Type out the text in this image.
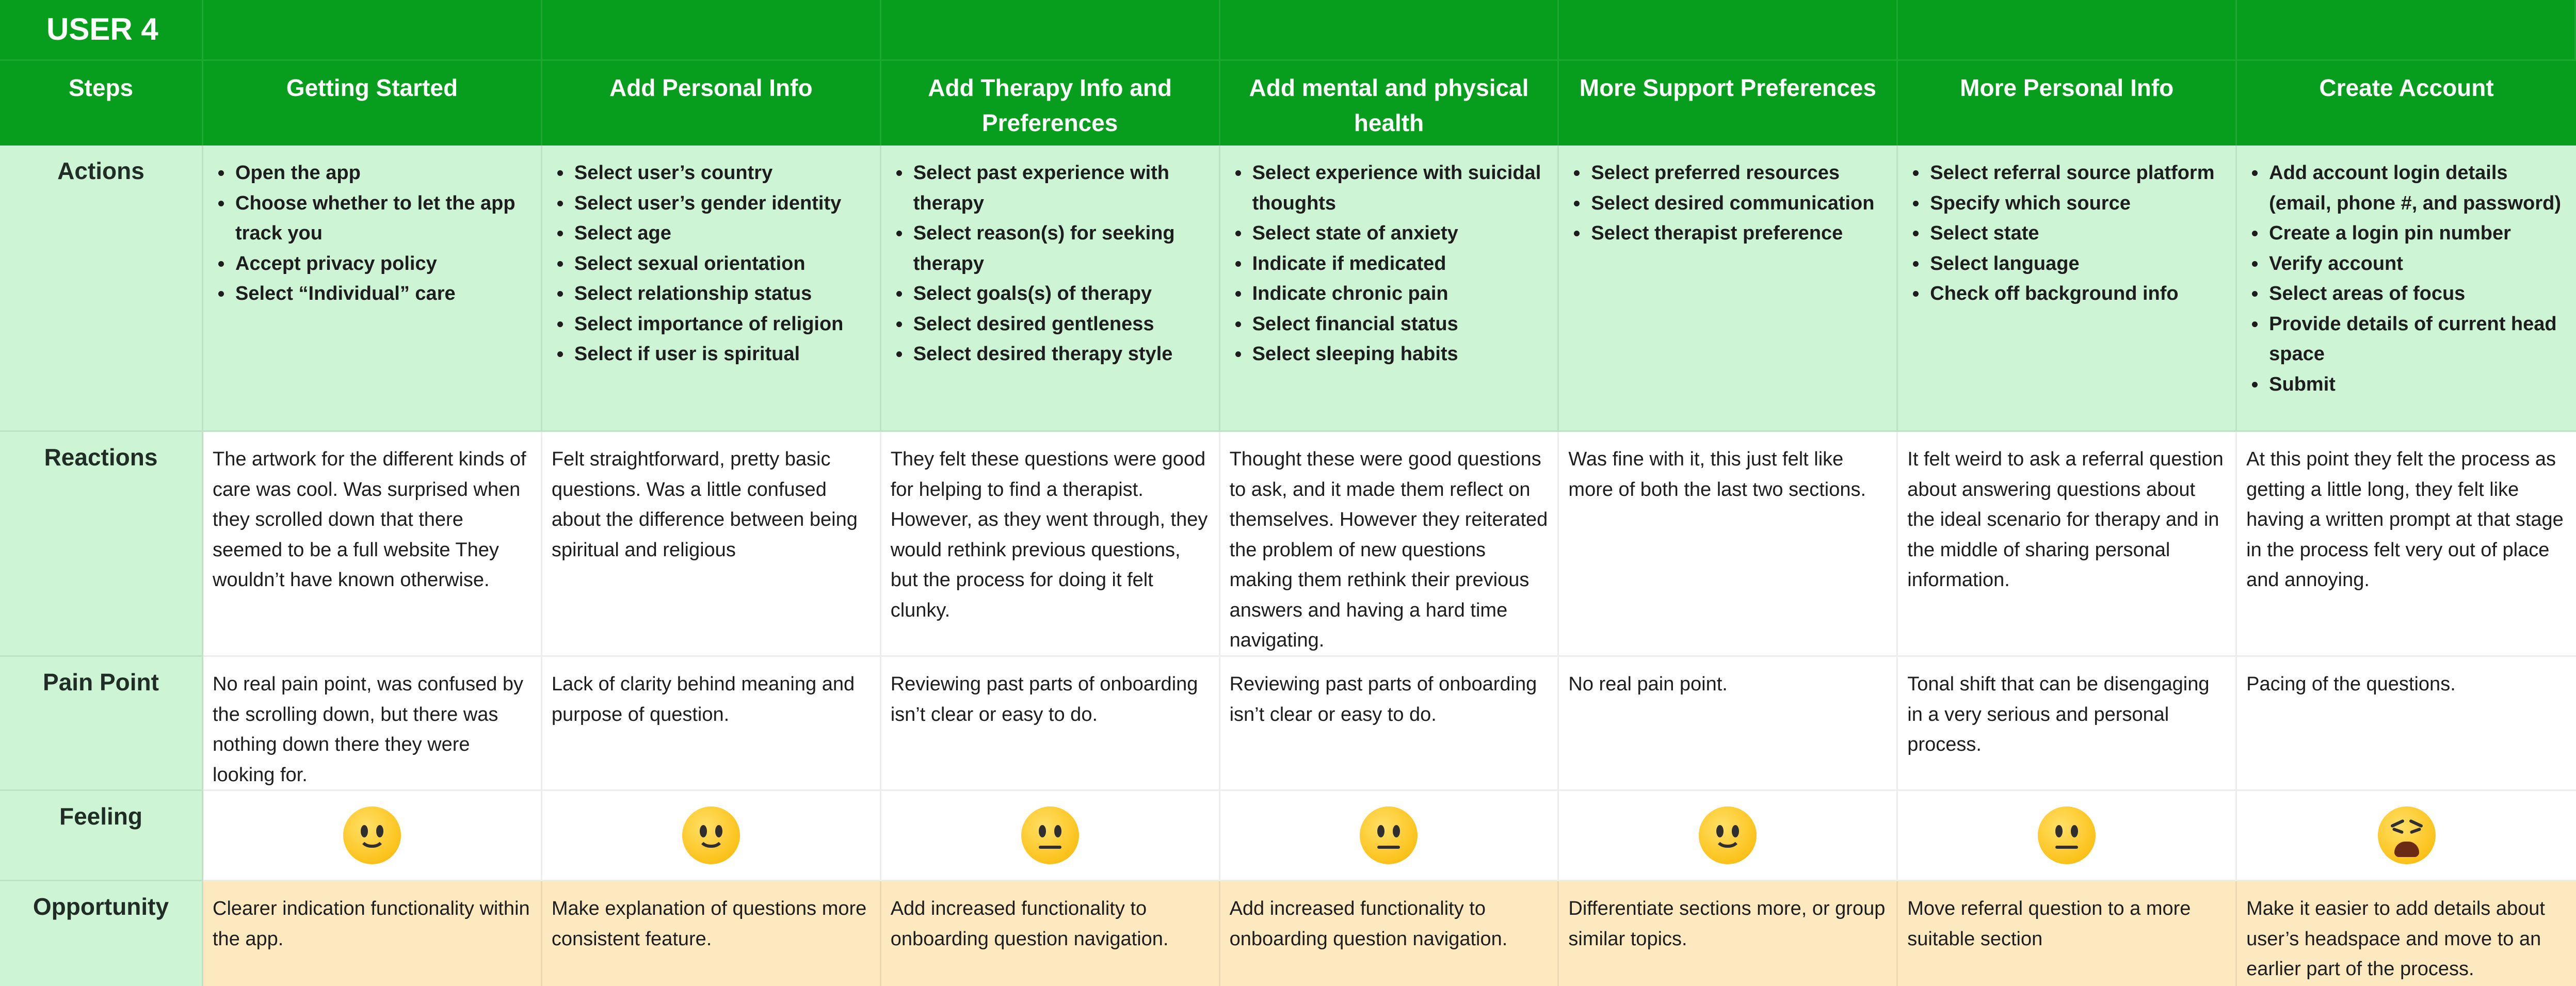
USER 4
Steps	Getting Started	Add Personal Info	Add Therapy Info and Preferences
Add mental and physical health
More Support Preferences	More Personal Info	Create Account
Actions
•	Open the app
• Choose whether to let the app track you
• Accept privacy policy
• Select “Individual” care
• Select user’s country
• Select user’s gender identity
• Select age
• Select sexual orientation
• Select relationship status
• Select importance of religion
• Select if user is spiritual
• Select past experience with therapy
• Select reason(s) for seeking therapy
• Select goals(s) of therapy
• Select desired gentleness
• Select desired therapy style
• Select experience with suicidal thoughts
• Select state of anxiety
• Indicate if medicated
• Indicate chronic pain
• Select financial status
• Select sleeping habits
• Select preferred resources
• Select desired communication
• Select therapist preference
• Select referral source platform
• Specify which source
• Select state
• Select language
• Check off background info
• Add account login details (email, phone #, and password)
• Create a login pin number
• Verify account
• Select areas of focus
• Provide details of current head space
• Submit
Reactions	The artwork for the different kinds of care was cool. Was surprised when they scrolled down that there seemed to be a full website They wouldn’t have known otherwise.

Felt straightforward, pretty basic questions. Was a little confused about the difference between being spiritual and religious

They felt these questions were good for helping to find a therapist. However, as they went through, they would rethink previous questions, but the process for doing it felt clunky.

Thought these were good questions to ask, and it made them reflect on themselves. However they reiterated the problem of new questions making them rethink their previous answers and having a hard time navigating.

Was fine with it, this just felt like more of both the last two sections.

It felt weird to ask a referral question about answering questions about the ideal scenario for therapy and in the middle of sharing personal information.

At this point they felt the process as getting a little long, they felt like having a written prompt at that stage in the process felt very out of place and annoying.

Pain Point	No real pain point, was confused by the scrolling down, but there was nothing down there they were looking for.

Lack of clarity behind meaning and purpose of question.

Reviewing past parts of onboarding isn’t clear or easy to do.

Reviewing past parts of onboarding isn’t clear or easy to do.

No real pain point.	Tonal shift that can be disengaging in a very serious and personal process.

Pacing of the questions.

Feeling
Opportunity	Clearer indication functionality within the app.

Make explanation of questions more consistent feature.

Add increased functionality to onboarding question navigation.

Add increased functionality to onboarding question navigation.

Differentiate sections more, or group similar topics.

Move referral question to a more suitable section

Make it easier to add details about user’s headspace and move to an earlier part of the process.
